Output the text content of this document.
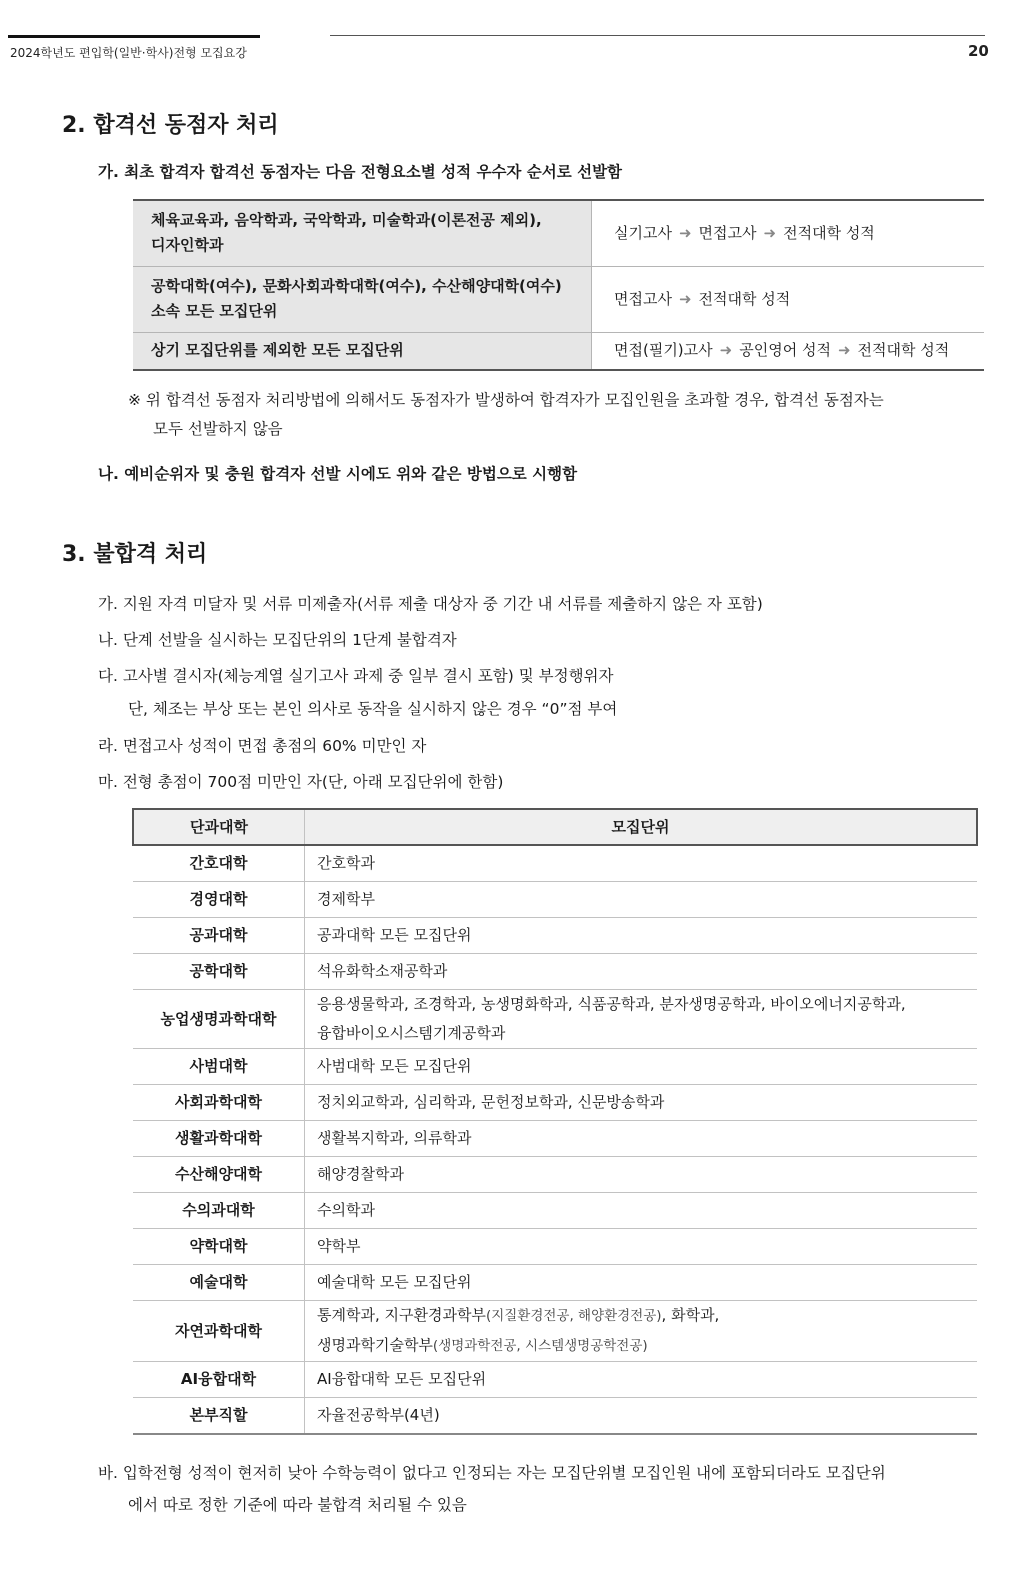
2024학년도 편입학(일반·학사)전형 모집요강	20
2. 합격선 동점자 처리
가. 최초 합격자 합격선 동점자는 다음 전형요소별 성적 우수자 순서로 선발함
체육교육과, 음악학과, 국악학과, 미술학과(이론전공 제외),
디자인학과	실기고사 ➜ 면접고사 ➜ 전적대학 성적

공학대학(여수), 문화사회과학대학(여수), 수산해양대학(여수)
소속 모든 모집단위	면접고사 ➜ 전적대학 성적

상기 모집단위를 제외한 모든 모집단위	면접(필기)고사 ➜ 공인영어 성적 ➜ 전적대학 성적
※ 위 합격선 동점자 처리방법에 의해서도 동점자가 발생하여 합격자가 모집인원을 초과할 경우, 합격선 동점자는
모두 선발하지 않음
나. 예비순위자 및 충원 합격자 선발 시에도 위와 같은 방법으로 시행함
3. 불합격 처리
가. 지원 자격 미달자 및 서류 미제출자(서류 제출 대상자 중 기간 내 서류를 제출하지 않은 자 포함)
나. 단계 선발을 실시하는 모집단위의 1단계 불합격자
다. 고사별 결시자(체능계열 실기고사 과제 중 일부 결시 포함) 및 부정행위자
단, 체조는 부상 또는 본인 의사로 동작을 실시하지 않은 경우 “0”점 부여
라. 면접고사 성적이 면접 총점의 60% 미만인 자
마. 전형 총점이 700점 미만인 자(단, 아래 모집단위에 한함)
단과대학	모집단위
간호대학	간호학과
경영대학	경제학부
공과대학	공과대학 모든 모집단위
공학대학	석유화학소재공학과
농업생명과학대학	응용생물학과, 조경학과, 농생명화학과, 식품공학과, 분자생명공학과, 바이오에너지공학과,
융합바이오시스템기계공학과

사범대학	사범대학 모든 모집단위
사회과학대학	정치외교학과, 심리학과, 문헌정보학과, 신문방송학과
생활과학대학	생활복지학과, 의류학과
수산해양대학	해양경찰학과
수의과대학	수의학과
약학대학	약학부
예술대학	예술대학 모든 모집단위
자연과학대학	통계학과, 지구환경과학부(지질환경전공, 해양환경전공), 화학과,
생명과학기술학부(생명과학전공, 시스템생명공학전공)

AI융합대학	AI융합대학 모든 모집단위
본부직할	자율전공학부(4년)
바. 입학전형 성적이 현저히 낮아 수학능력이 없다고 인정되는 자는 모집단위별 모집인원 내에 포함되더라도 모집단위
에서 따로 정한 기준에 따라 불합격 처리될 수 있음
